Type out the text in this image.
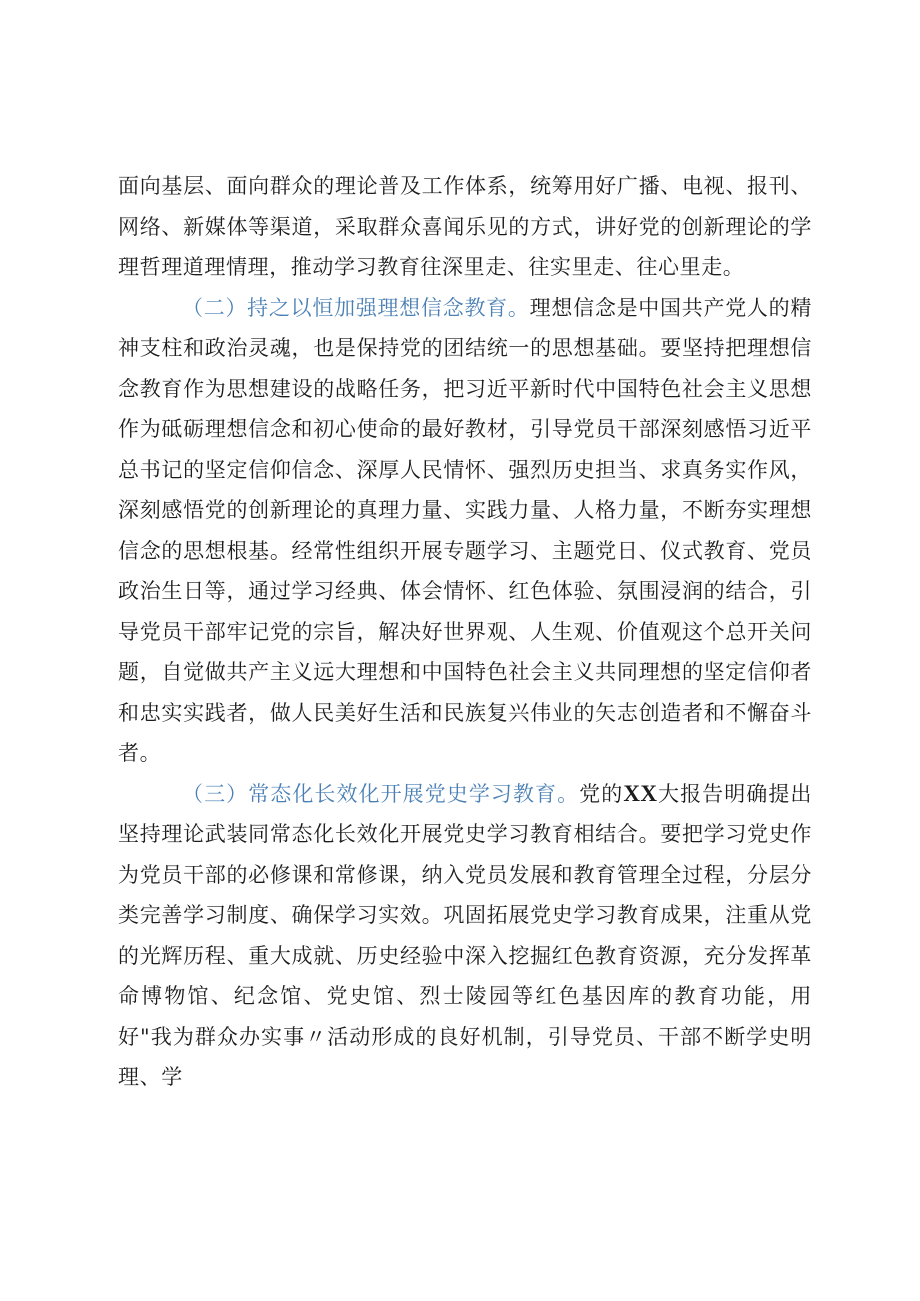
面向基层、面向群众的理论普及工作体系，统筹用好广播、电视、报刊、网络、新媒体等渠道，采取群众喜闻乐见的方式，讲好党的创新理论的学理哲理道理情理，推动学习教育往深里走、往实里走、往心里走。

（二）持之以恒加强理想信念教育。理想信念是中国共产党人的精神支柱和政治灵魂，也是保持党的团结统一的思想基础。要坚持把理想信念教育作为思想建设的战略任务，把习近平新时代中国特色社会主义思想作为砥砺理想信念和初心使命的最好教材，引导党员干部深刻感悟习近平总书记的坚定信仰信念、深厚人民情怀、强烈历史担当、求真务实作风，深刻感悟党的创新理论的真理力量、实践力量、人格力量，不断夯实理想信念的思想根基。经常性组织开展专题学习、主题党日、仪式教育、党员政治生日等，通过学习经典、体会情怀、红色体验、氛围浸润的结合，引导党员干部牢记党的宗旨，解决好世界观、人生观、价值观这个总开关问题，自觉做共产主义远大理想和中国特色社会主义共同理想的坚定信仰者和忠实实践者，做人民美好生活和民族复兴伟业的矢志创造者和不懈奋斗者。

（三）常态化长效化开展党史学习教育。党的XX大报告明确提出坚持理论武装同常态化长效化开展党史学习教育相结合。要把学习党史作为党员干部的必修课和常修课，纳入党员发展和教育管理全过程，分层分类完善学习制度、确保学习实效。巩固拓展党史学习教育成果，注重从党的光辉历程、重大成就、历史经验中深入挖掘红色教育资源，充分发挥革命博物馆、纪念馆、党史馆、烈士陵园等红色基因库的教育功能，用好"我为群众办实事〃活动形成的良好机制，引导党员、干部不断学史明理、学
